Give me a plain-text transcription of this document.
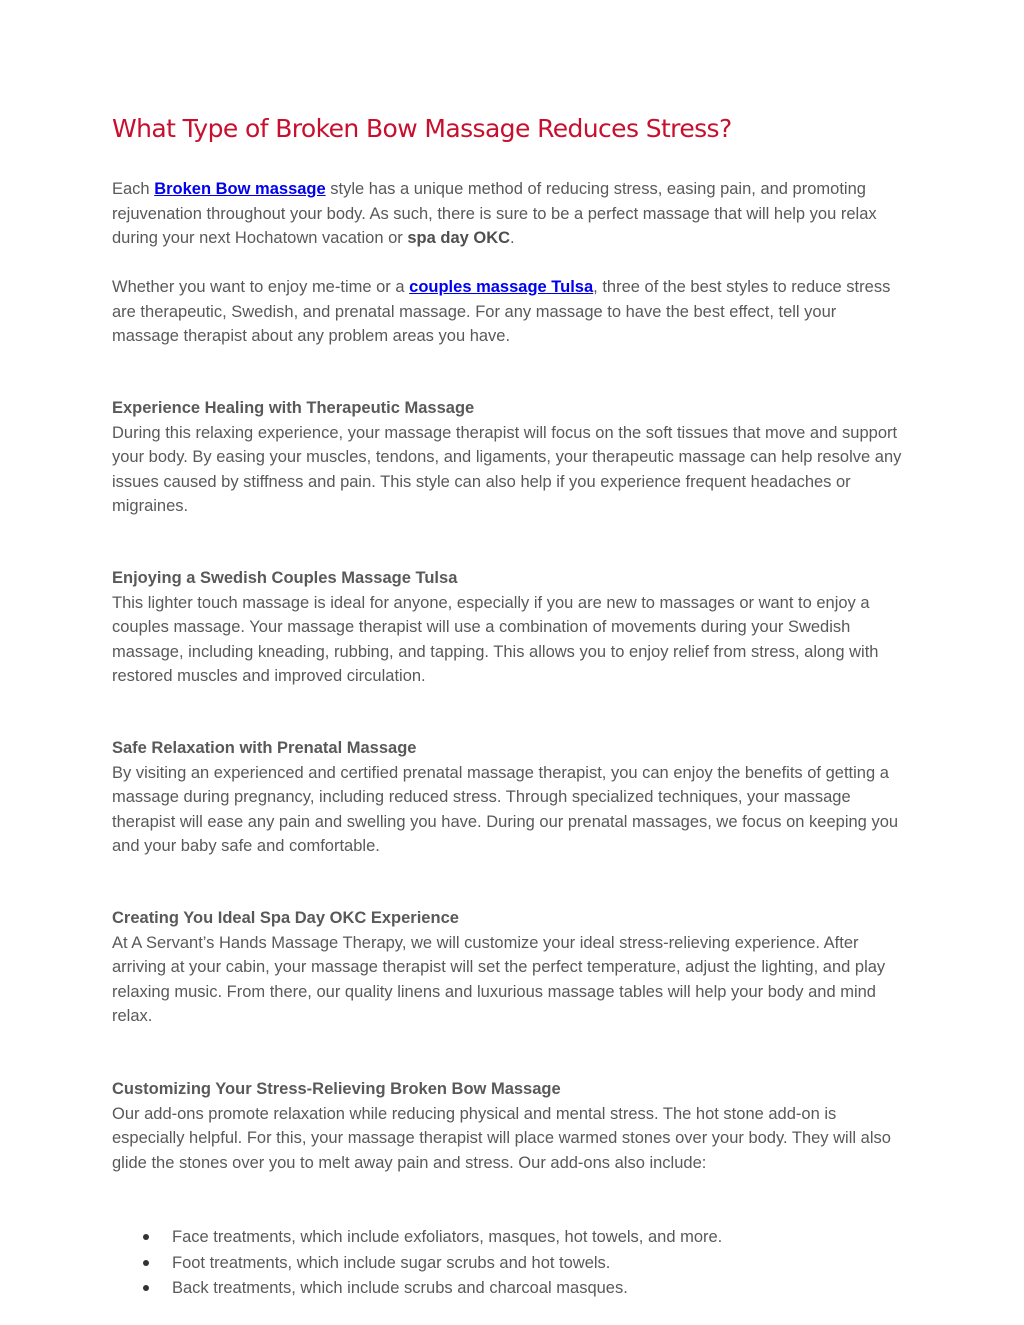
What Type of Broken Bow Massage Reduces Stress?

Each Broken Bow massage style has a unique method of reducing stress, easing pain, and promoting rejuvenation throughout your body. As such, there is sure to be a perfect massage that will help you relax during your next Hochatown vacation or spa day OKC.

Whether you want to enjoy me-time or a couples massage Tulsa, three of the best styles to reduce stress are therapeutic, Swedish, and prenatal massage. For any massage to have the best effect, tell your massage therapist about any problem areas you have.

Experience Healing with Therapeutic Massage
During this relaxing experience, your massage therapist will focus on the soft tissues that move and support your body. By easing your muscles, tendons, and ligaments, your therapeutic massage can help resolve any issues caused by stiffness and pain. This style can also help if you experience frequent headaches or migraines.
Enjoying a Swedish Couples Massage Tulsa
This lighter touch massage is ideal for anyone, especially if you are new to massages or want to enjoy a couples massage. Your massage therapist will use a combination of movements during your Swedish massage, including kneading, rubbing, and tapping. This allows you to enjoy relief from stress, along with restored muscles and improved circulation.
Safe Relaxation with Prenatal Massage
By visiting an experienced and certified prenatal massage therapist, you can enjoy the benefits of getting a massage during pregnancy, including reduced stress. Through specialized techniques, your massage therapist will ease any pain and swelling you have. During our prenatal massages, we focus on keeping you and your baby safe and comfortable.
Creating You Ideal Spa Day OKC Experience
At A Servant’s Hands Massage Therapy, we will customize your ideal stress-relieving experience. After arriving at your cabin, your massage therapist will set the perfect temperature, adjust the lighting, and play relaxing music. From there, our quality linens and luxurious massage tables will help your body and mind relax.
Customizing Your Stress-Relieving Broken Bow Massage
Our add-ons promote relaxation while reducing physical and mental stress. The hot stone add-on is especially helpful. For this, your massage therapist will place warmed stones over your body. They will also glide the stones over you to melt away pain and stress. Our add-ons also include:
Face treatments, which include exfoliators, masques, hot towels, and more.
Foot treatments, which include sugar scrubs and hot towels.
Back treatments, which include scrubs and charcoal masques.
